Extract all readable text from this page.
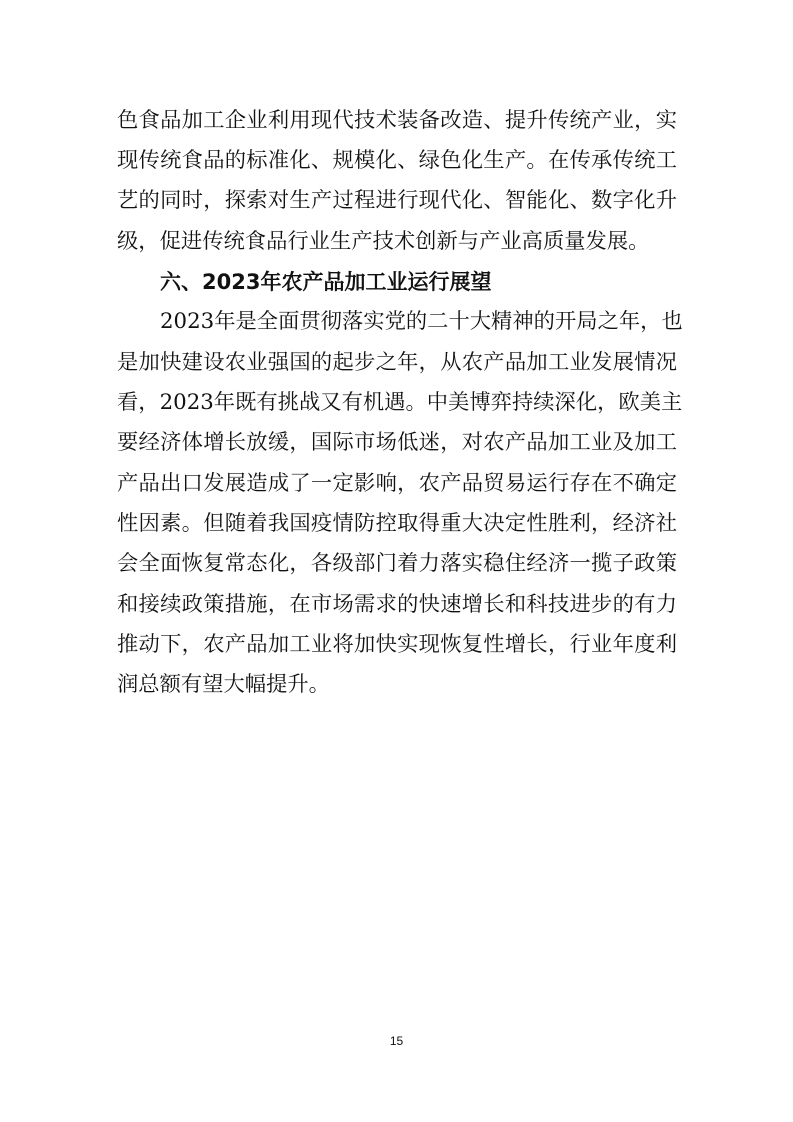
色食品加工企业利用现代技术装备改造、提升传统产业，实
现传统食品的标准化、规模化、绿色化生产。在传承传统工
艺的同时，探索对生产过程进行现代化、智能化、数字化升
级，促进传统食品行业生产技术创新与产业高质量发展。
六、2023年农产品加工业运行展望
2023年是全面贯彻落实党的二十大精神的开局之年，也
是加快建设农业强国的起步之年，从农产品加工业发展情况
看，2023年既有挑战又有机遇。中美博弈持续深化，欧美主
要经济体增长放缓，国际市场低迷，对农产品加工业及加工
产品出口发展造成了一定影响，农产品贸易运行存在不确定
性因素。但随着我国疫情防控取得重大决定性胜利，经济社
会全面恢复常态化，各级部门着力落实稳住经济一揽子政策
和接续政策措施，在市场需求的快速增长和科技进步的有力
推动下，农产品加工业将加快实现恢复性增长，行业年度利
润总额有望大幅提升。
15
